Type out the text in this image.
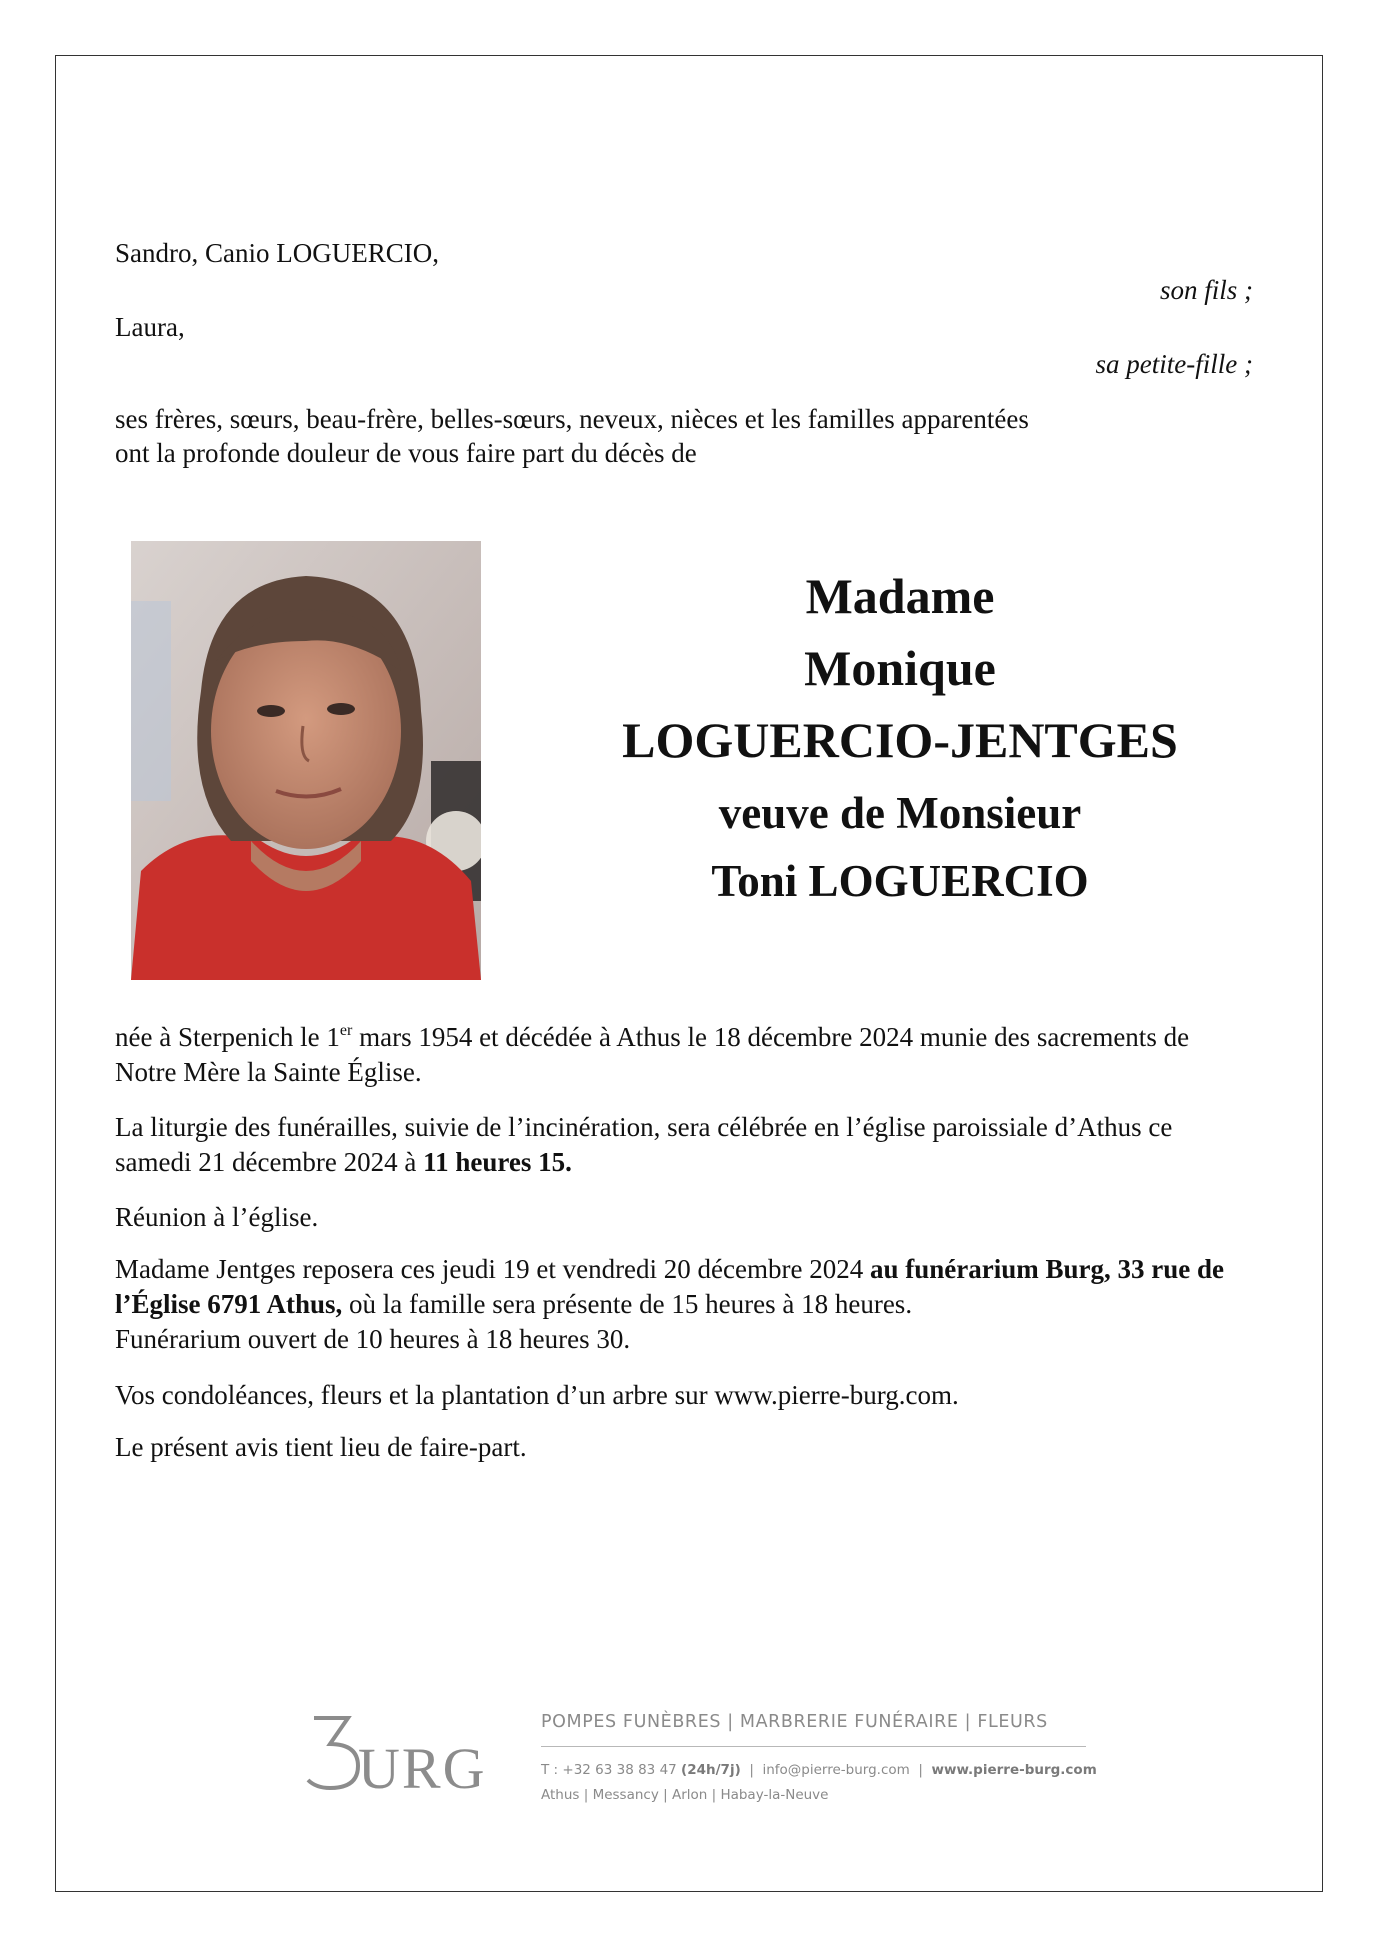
Sandro, Canio LOGUERCIO,
son fils ;
Laura,
sa petite-fille ;
ses frères, sœurs, beau-frère, belles-sœurs, neveux, nièces et les familles apparentées
ont la profonde douleur de vous faire part du décès de
Madame
Monique
LOGUERCIO-JENTGES
veuve de Monsieur
Toni LOGUERCIO

née à Sterpenich le 1er mars 1954 et décédée à Athus le 18 décembre 2024 munie des sacrements de Notre Mère la Sainte Église.

La liturgie des funérailles, suivie de l’incinération, sera célébrée en l’église paroissiale d’Athus ce samedi 21 décembre 2024 à 11 heures 15.

Réunion à l’église.

Madame Jentges reposera ces jeudi 19 et vendredi 20 décembre 2024 au funérarium Burg, 33 rue de l’Église 6791 Athus, où la famille sera présente de 15 heures à 18 heures.

Funérarium ouvert de 10 heures à 18 heures 30.

Vos condoléances, fleurs et la plantation d’un arbre sur www.pierre-burg.com.

Le présent avis tient lieu de faire-part.

URG
POMPES FUNÈBRES | MARBRERIE FUNÉRAIRE | FLEURS
T : +32 63 38 83 47 (24h/7j)  |  info@pierre-burg.com  |  www.pierre-burg.com
Athus | Messancy | Arlon | Habay-la-Neuve
